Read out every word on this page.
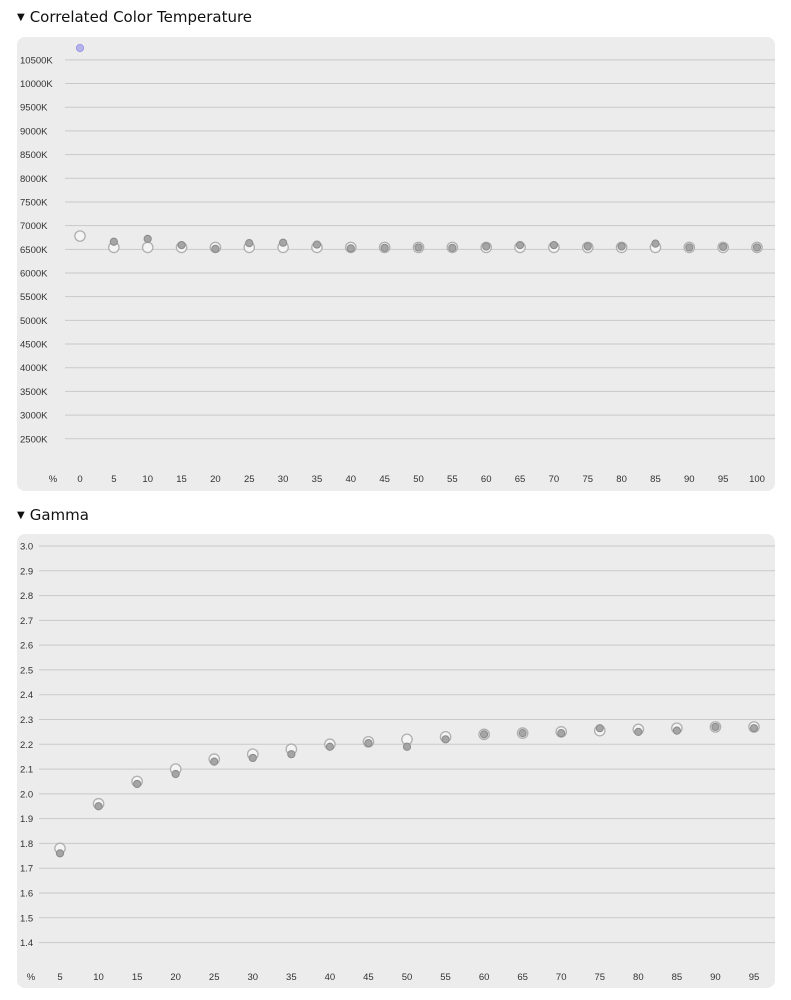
▼ Correlated Color Temperature
2500K
3000K
3500K
4000K
4500K
5000K
5500K
6000K
6500K
7000K
7500K
8000K
8500K
9000K
9500K
10000K
10500K
% 0	5	10 15 20 25 30 35 40 45 50 55 60 65 70 75 80 85 90 95 100
▼ Gamma
1.4
1.5
1.6
1.7
1.8
1.9
2.0
2.1
2.2
2.3
2.4
2.5
2.6
2.7
2.8
2.9
3.0
% 5	10	15	20	25	30	35	40	45	50	55	60	65	70	75	80	85	90	95
